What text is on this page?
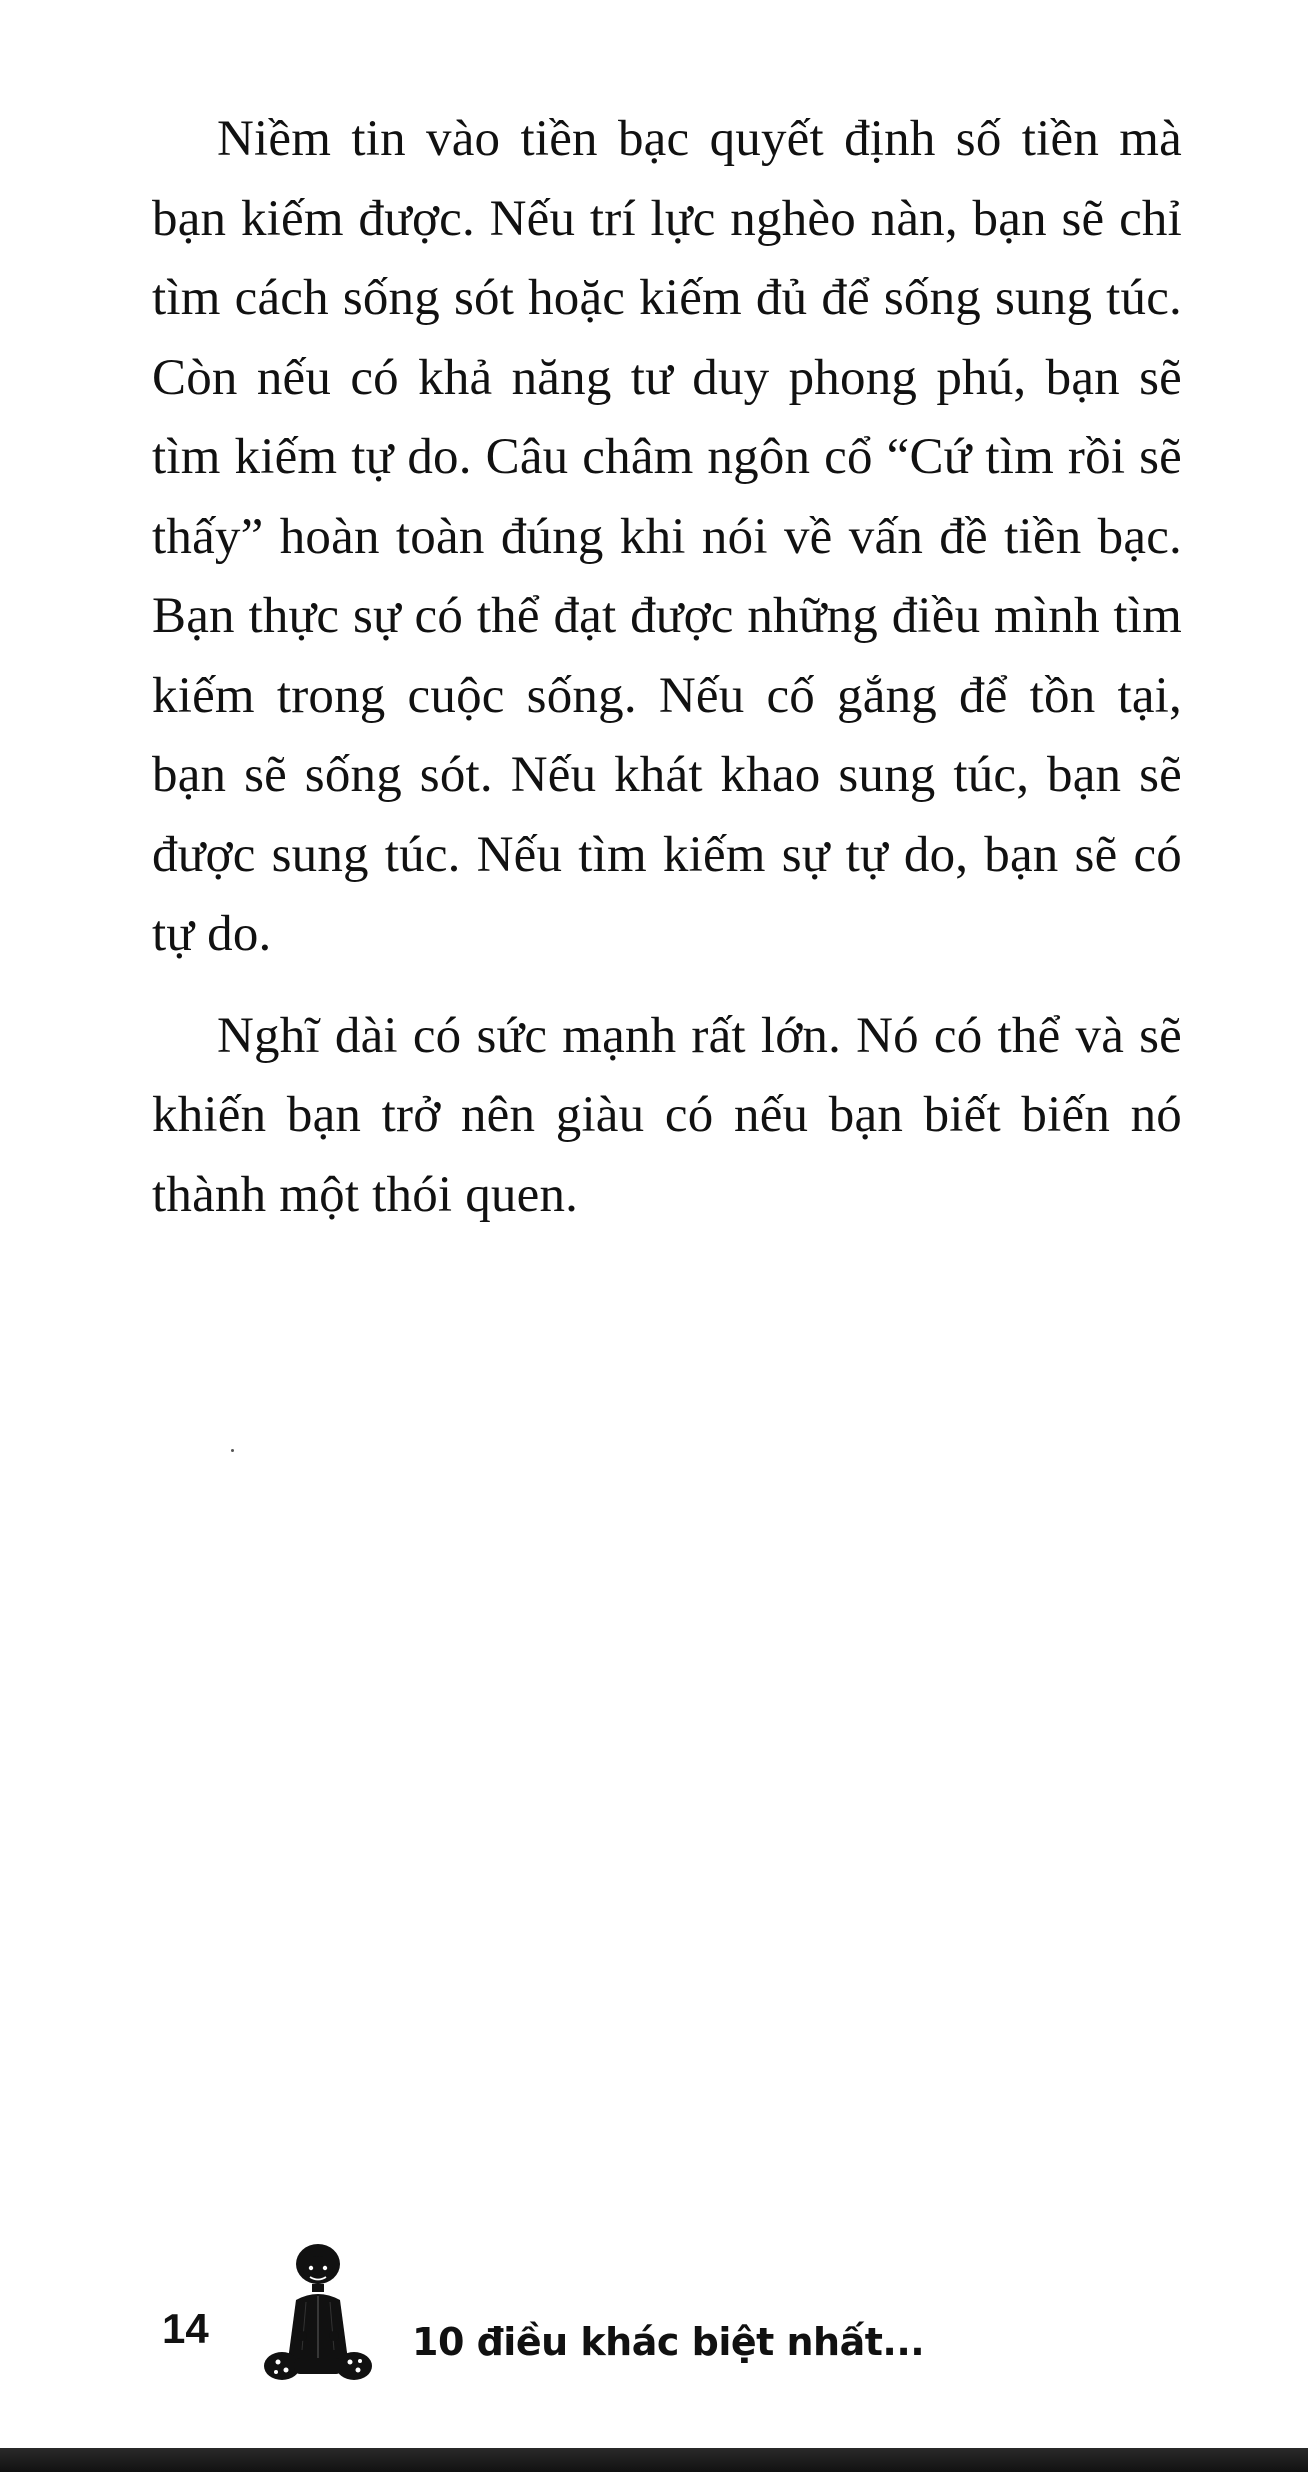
Niềm tin vào tiền bạc quyết định số tiền mà bạn kiếm được. Nếu trí lực nghèo nàn, bạn sẽ chỉ tìm cách sống sót hoặc kiếm đủ để sống sung túc. Còn nếu có khả năng tư duy phong phú, bạn sẽ tìm kiếm tự do. Câu châm ngôn cổ “Cứ tìm rồi sẽ thấy” hoàn toàn đúng khi nói về vấn đề tiền bạc. Bạn thực sự có thể đạt được những điều mình tìm kiếm trong cuộc sống. Nếu cố gắng để tồn tại, bạn sẽ sống sót. Nếu khát khao sung túc, bạn sẽ được sung túc. Nếu tìm kiếm sự tự do, bạn sẽ có tự do.

Nghĩ dài có sức mạnh rất lớn. Nó có thể và sẽ khiến bạn trở nên giàu có nếu bạn biết biến nó thành một thói quen.

14	10 điều khác biệt nhất...
